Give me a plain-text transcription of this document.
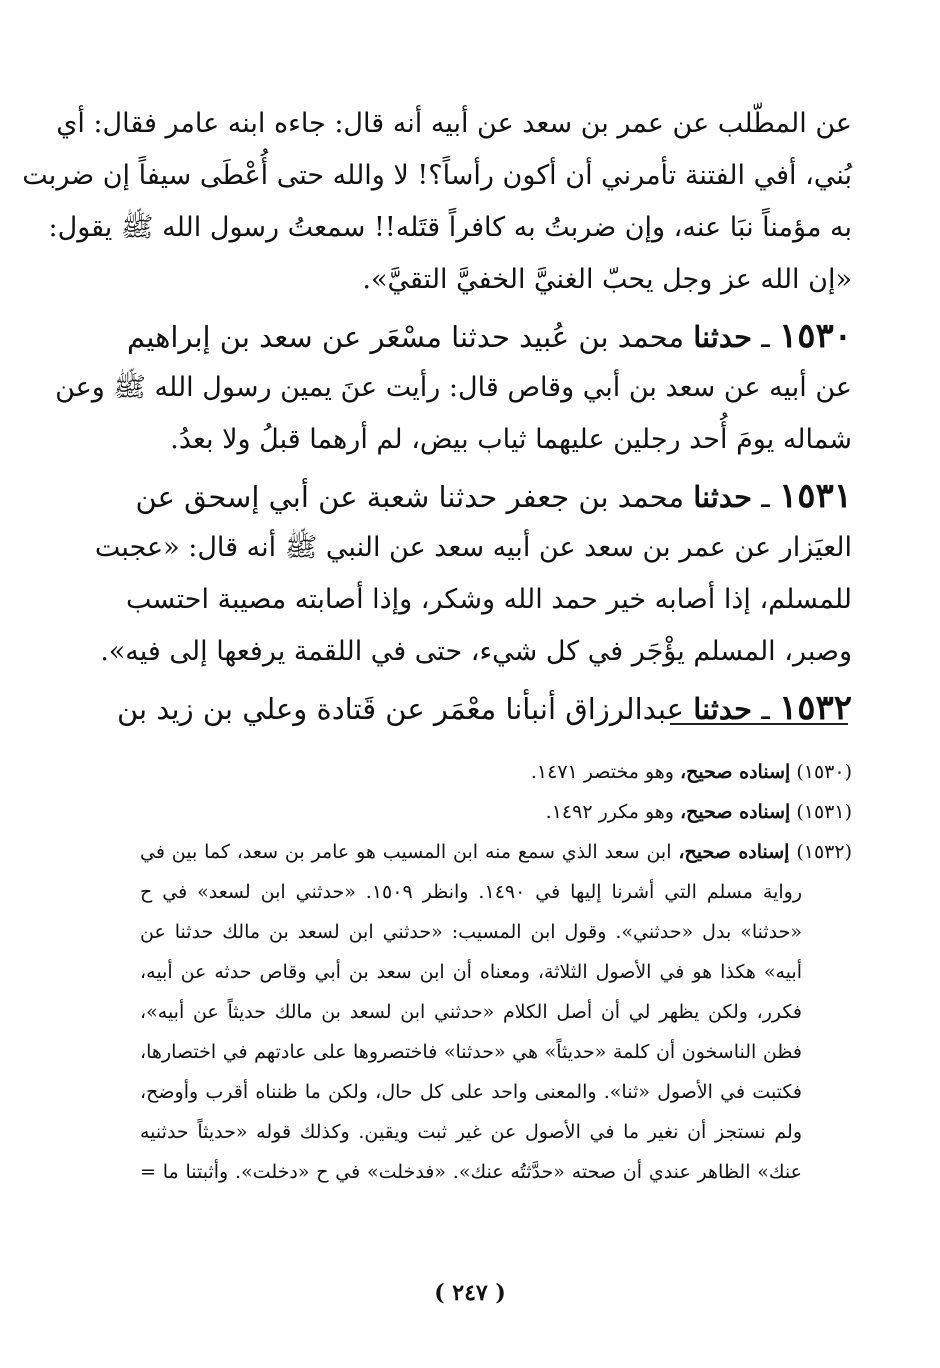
عن المطّلب عن عمر بن سعد عن أبيه أنه قال: جاءه ابنه عامر فقال: أي
بُني، أفي الفتنة تأمرني أن أكون رأساً؟! لا والله حتى أُعْطَى سيفاً إن ضربت
به مؤمناً نبَا عنه، وإن ضربتُ به كافراً قتَله!! سمعتُ رسول الله ﷺ يقول:
«إن الله عز وجل يحبّ الغنيَّ الخفيَّ التقيَّ».
١٥٣٠ ـ حدثنا محمد بن عُبيد حدثنا مسْعَر عن سعد بن إبراهيم
عن أبيه عن سعد بن أبي وقاص قال: رأيت عنَ يمين رسول الله ﷺ وعن
شماله يومَ أُحد رجلين عليهما ثياب بيض، لم أرهما قبلُ ولا بعدُ.
١٥٣١ ـ حدثنا محمد بن جعفر حدثنا شعبة عن أبي إسحق عن
العيَزار عن عمر بن سعد عن أبيه سعد عن النبي ﷺ أنه قال: «عجبت
للمسلم، إذا أصابه خير حمد الله وشكر، وإذا أصابته مصيبة احتسب
وصبر، المسلم يؤْجَر في كل شيء، حتى في اللقمة يرفعها إلى فيه».
١٥٣٢ ـ حدثنا عبدالرزاق أنبأنا معْمَر عن قَتادة وعلي بن زيد بن
(١٥٣٠) إسناده صحيح، وهو مختصر ١٤٧١.
(١٥٣١) إسناده صحيح، وهو مكرر ١٤٩٢.
(١٥٣٢) إسناده صحيح، ابن سعد الذي سمع منه ابن المسيب هو عامر بن سعد، كما بين في
رواية مسلم التي أشرنا إليها في ١٤٩٠. وانظر ١٥٠٩. «حدثني ابن لسعد» في ح
«حدثنا» بدل «حدثني». وقول ابن المسيب: «حدثني ابن لسعد بن مالك حدثنا عن
أبيه» هكذا هو في الأصول الثلاثة، ومعناه أن ابن سعد بن أبي وقاص حدثه عن أبيه،
فكرر، ولكن يظهر لي أن أصل الكلام «حدثني ابن لسعد بن مالك حديثاً عن أبيه»،
فظن الناسخون أن كلمة «حديثاً» هي «حدثنا» فاختصروها على عادتهم في اختصارها،
فكتبت في الأصول «ثنا». والمعنى واحد على كل حال، ولكن ما ظنناه أقرب وأوضح،
ولم نستجز أن نغير ما في الأصول عن غير ثبت ويقين. وكذلك قوله «حديثاً حدثنيه
عنك» الظاهر عندي أن صحته «حدَّثتُه عنك». «فدخلت» في ح «دخلت». وأثبتنا ما =
( ٢٤٧ )
